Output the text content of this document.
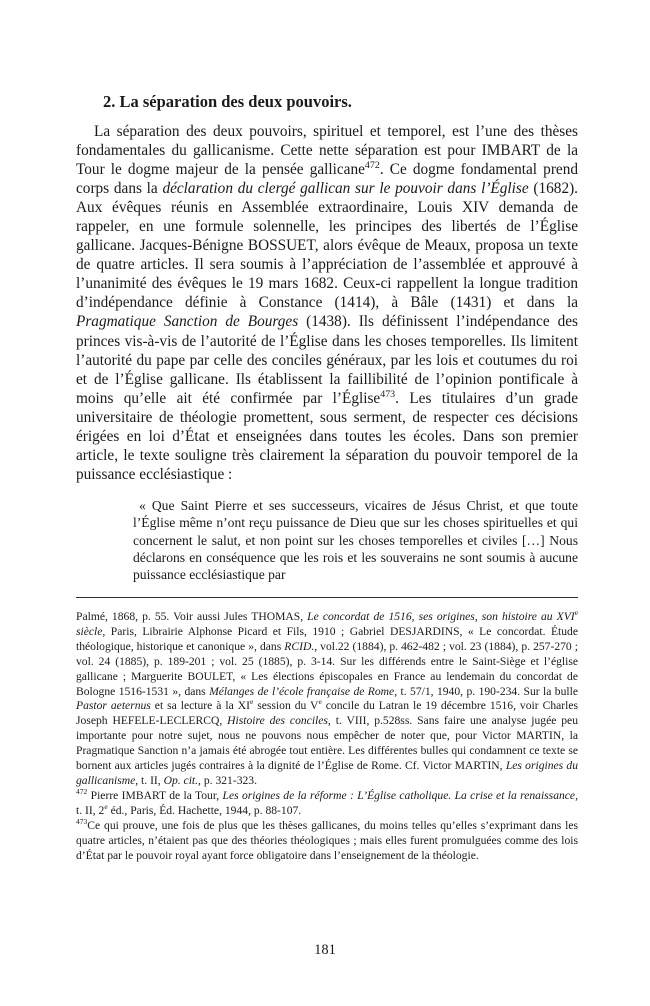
2. La séparation des deux pouvoirs.

La séparation des deux pouvoirs, spirituel et temporel, est l’une des thèses fondamentales du gallicanisme. Cette nette séparation est pour IMBART de la Tour le dogme majeur de la pensée gallicane$^{472}$. Ce dogme fondamental prend corps dans la déclaration du clergé gallican sur le pouvoir dans l’Église (1682). Aux évêques réunis en Assemblée extraordinaire, Louis XIV demanda de rappeler, en une formule solennelle, les principes des libertés de l’Église gallicane. Jacques-Bénigne BOSSUET, alors évêque de Meaux, proposa un texte de quatre articles. Il sera soumis à l’appréciation de l’assemblée et approuvé à l’unanimité des évêques le 19 mars 1682. Ceux-ci rappellent la longue tradition d’indépendance définie à Constance (1414), à Bâle (1431) et dans la Pragmatique Sanction de Bourges (1438). Ils définissent l’indépendance des princes vis-à-vis de l’autorité de l’Église dans les choses temporelles. Ils limitent l’autorité du pape par celle des conciles généraux, par les lois et coutumes du roi et de l’Église gallicane. Ils établissent la faillibilité de l’opinion pontificale à moins qu’elle ait été confirmée par l’Église$^{473}$. Les titulaires d’un grade universitaire de théologie promettent, sous serment, de respecter ces décisions érigées en loi d’État et enseignées dans toutes les écoles. Dans son premier article, le texte souligne très clairement la séparation du pouvoir temporel de la puissance ecclésiastique :

« Que Saint Pierre et ses successeurs, vicaires de Jésus Christ, et que toute l’Église même n’ont reçu puissance de Dieu que sur les choses spirituelles et qui concernent le salut, et non point sur les choses temporelles et civiles […] Nous déclarons en conséquence que les rois et les souverains ne sont soumis à aucune puissance ecclésiastique par

Palmé, 1868, p. 55. Voir aussi Jules THOMAS, Le concordat de 1516, ses origines, son histoire au XVIe siècle, Paris, Librairie Alphonse Picard et Fils, 1910 ; Gabriel DESJARDINS, « Le concordat. Étude théologique, historique et canonique », dans RCID., vol.22 (1884), p. 462-482 ; vol. 23 (1884), p. 257-270 ; vol. 24 (1885), p. 189-201 ; vol. 25 (1885), p. 3-14. Sur les différends entre le Saint-Siège et l’église gallicane ; Marguerite BOULET, « Les élections épiscopales en France au lendemain du concordat de Bologne 1516-1531 », dans Mélanges de l’école française de Rome, t. 57/1, 1940, p. 190-234. Sur la bulle Pastor aeternus et sa lecture à la XIe session du Ve concile du Latran le 19 décembre 1516, voir Charles Joseph HEFELE-LECLERCQ, Histoire des conciles, t. VIII, p.528ss. Sans faire une analyse jugée peu importante pour notre sujet, nous ne pouvons nous empêcher de noter que, pour Victor MARTIN, la Pragmatique Sanction n’a jamais été abrogée tout entière. Les différentes bulles qui condamnent ce texte se bornent aux articles jugés contraires à la dignité de l’Église de Rome. Cf. Victor MARTIN, Les origines du gallicanisme, t. II, Op. cit., p. 321-323.

$^{472}$ Pierre IMBART de la Tour, Les origines de la réforme : L’Église catholique. La crise et la renaissance, t. II, 2e éd., Paris, Éd. Hachette, 1944, p. 88-107.

$^{473}$Ce qui prouve, une fois de plus que les thèses gallicanes, du moins telles qu’elles s’exprimant dans les quatre articles, n’étaient pas que des théories théologiques ; mais elles furent promulguées comme des lois d’État par le pouvoir royal ayant force obligatoire dans l’enseignement de la théologie.

181
